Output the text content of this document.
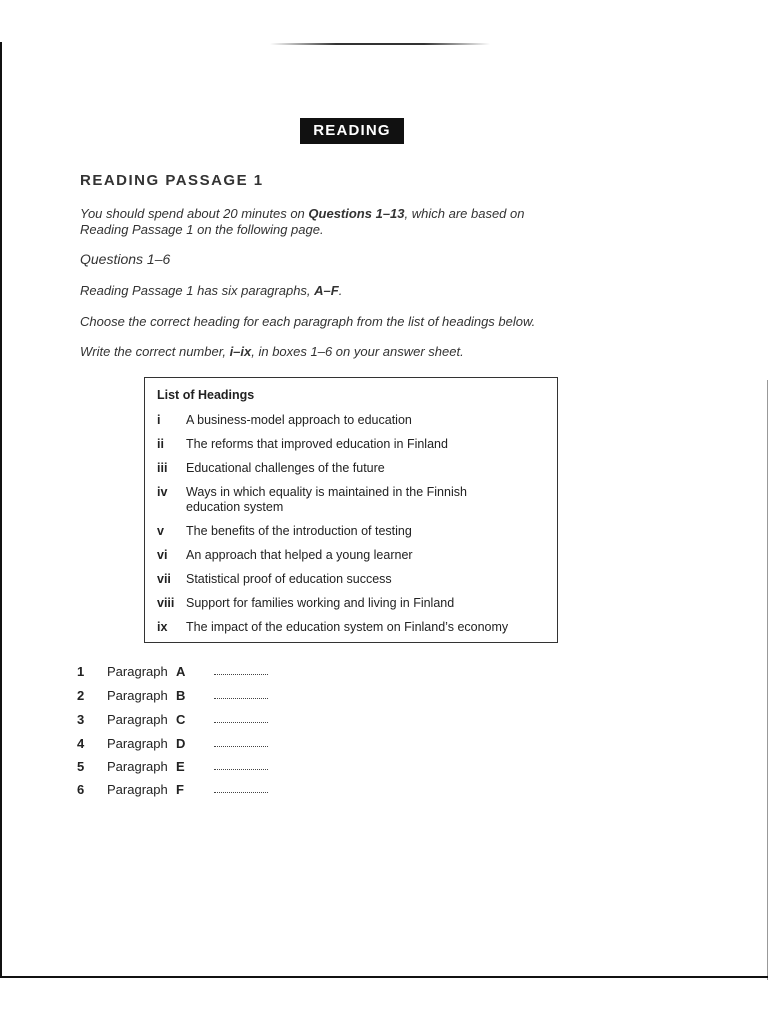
READING
READING PASSAGE 1
You should spend about 20 minutes on Questions 1–13, which are based on
Reading Passage 1 on the following page.
Questions 1–6
Reading Passage 1 has six paragraphs, A–F.
Choose the correct heading for each paragraph from the list of headings below.
Write the correct number, i–ix, in boxes 1–6 on your answer sheet.
List of Headings
i	A business-model approach to education
ii	The reforms that improved education in Finland
iii	Educational challenges of the future
iv	Ways in which equality is maintained in the Finnish education system
v	The benefits of the introduction of testing
vi	An approach that helped a young learner
vii	Statistical proof of education success
viii Support for families working and living in Finland
ix	The impact of the education system on Finland’s economy
1 Paragraph A
2 Paragraph B
3 Paragraph C
4 Paragraph D
5 Paragraph E
6 Paragraph F
